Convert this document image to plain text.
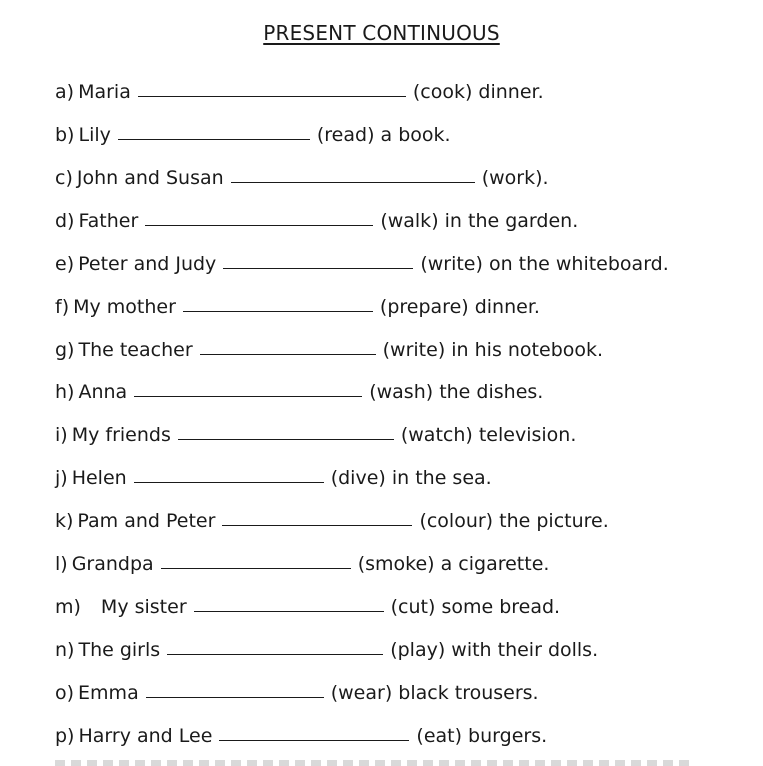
PRESENT CONTINUOUS
a) Maria	(cook) dinner.
b) Lily	(read) a book.
c) John and Susan	(work).
d) Father	(walk) in the garden.
e) Peter and Judy	(write) on the whiteboard.
f) My mother	(prepare) dinner.
g) The teacher	(write) in his notebook.
h) Anna	(wash) the dishes.
i) My friends	(watch) television.
j) Helen	(dive) in the sea.
k) Pam and Peter	(colour) the picture.
l) Grandpa	(smoke) a cigarette.
m) My sister	(cut) some bread.
n) The girls	(play) with their dolls.
o) Emma	(wear) black trousers.
p) Harry and Lee	(eat) burgers.
